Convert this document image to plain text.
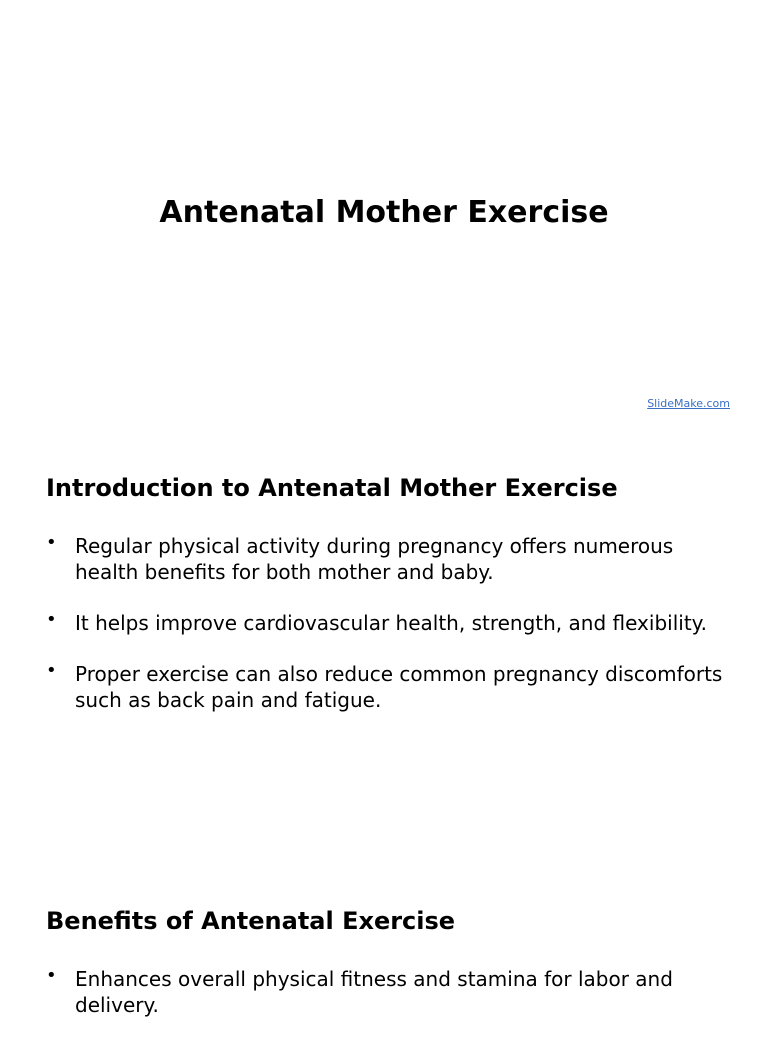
Antenatal Mother Exercise
SlideMake.com
Introduction to Antenatal Mother Exercise
• Regular physical activity during pregnancy offers numerous health benefits for both mother and baby.
• It helps improve cardiovascular health, strength, and flexibility.
• Proper exercise can also reduce common pregnancy discomforts such as back pain and fatigue.
Benefits of Antenatal Exercise
• Enhances overall physical fitness and stamina for labor and delivery.
